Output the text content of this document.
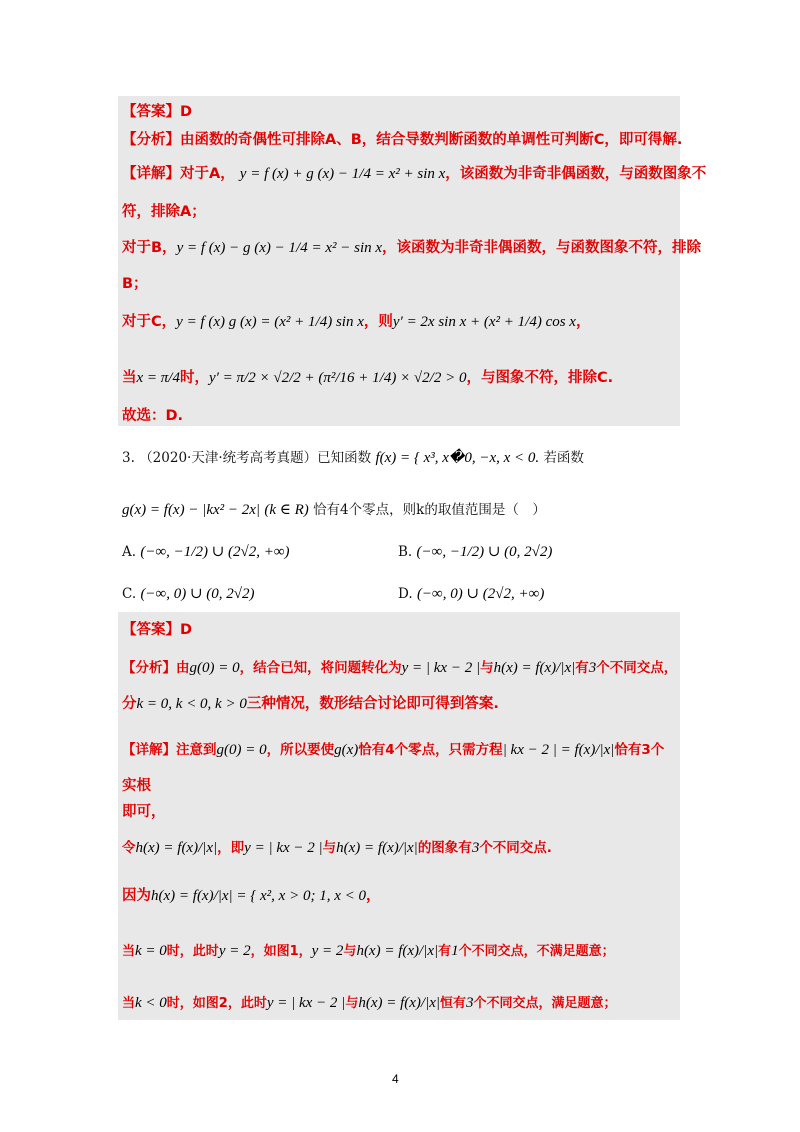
【答案】D
【分析】由函数的奇偶性可排除A、B，结合导数判断函数的单调性可判断C，即可得解.
【详解】对于A， y = f (x) + g (x) − 1/4 = x² + sin x，该函数为非奇非偶函数，与函数图象不
符，排除A；
对于B，y = f (x) − g (x) − 1/4 = x² − sin x，该函数为非奇非偶函数，与函数图象不符，排除
B；
对于C，y = f (x) g (x) = (x² + 1/4) sin x，则y′ = 2x sin x + (x² + 1/4) cos x，
当x = π/4时，y′ = π/2 × √2/2 + (π²/16 + 1/4) × √2/2 > 0，与图象不符，排除C.
故选：D.
3. （2020·天津·统考高考真题）已知函数 f(x) = { x³, x�0, −x, x < 0. 若函数
g(x) = f(x) − |kx² − 2x| (k ∈ R) 恰有4个零点，则k的取值范围是（　）
A. (−∞, −1/2) ∪ (2√2, +∞)	B. (−∞, −1/2) ∪ (0, 2√2)
C. (−∞, 0) ∪ (0, 2√2)	D. (−∞, 0) ∪ (2√2, +∞)
【答案】D
【分析】由g(0) = 0，结合已知，将问题转化为y = | kx − 2 |与h(x) = f(x)/|x|有3个不同交点，
分k = 0, k < 0, k > 0三种情况，数形结合讨论即可得到答案.
【详解】注意到g(0) = 0，所以要使g(x)恰有4个零点，只需方程| kx − 2 | = f(x)/|x|恰有3个
实根
即可，
令h(x) = f(x)/|x|，即y = | kx − 2 |与h(x) = f(x)/|x|的图象有3个不同交点.
因为h(x) = f(x)/|x| = { x², x > 0; 1, x < 0，
当k = 0时，此时y = 2，如图1，y = 2与h(x) = f(x)/|x|有1个不同交点，不满足题意；
当k < 0时，如图2，此时y = | kx − 2 |与h(x) = f(x)/|x|恒有3个不同交点，满足题意；
4
